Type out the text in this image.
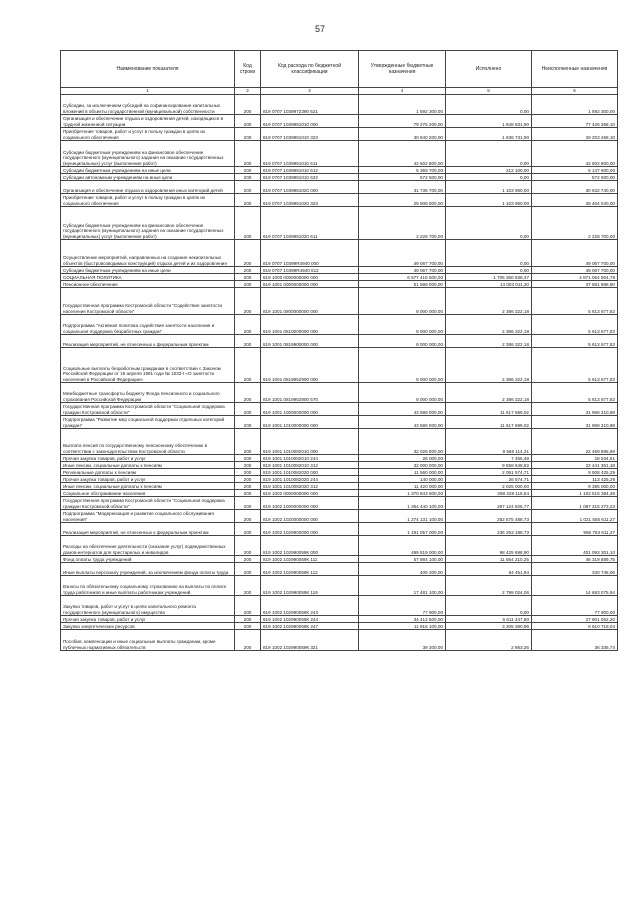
57
Наименование показателя	Код строки	Код расхода по бюджетной классификации	Утвержденные бюджетные назначения	Исполнено	Неисполненные назначения
1	2	3	4	5	6
Субсидии, за исключением субсидий на софинансирование капитальных вложений в объекты государственной (муниципальной) собственности	200	819 0707 1039972390 521	1 592 300,00	0,00	1 592 300,00
Организация и обеспечение отдыха и оздоровления детей, находящихся в трудной жизненной ситуации	200	819 0707 1039981010 000	79 275 200,00	1 848 831,90	77 426 368,10
Приобретение товаров, работ и услуг в пользу граждан в целях их социального обеспечения	200	819 0707 1039981010 323	30 840 200,00	1 636 731,90	29 203 468,10
Субсидии бюджетным учреждениям на финансовое обеспечение государственного (муниципального) задания на оказание государственных (муниципальных) услуг (выполнение работ)	200	819 0707 1039981010 611	42 502 800,00	0,00	42 502 800,00
Субсидии бюджетным учреждениям на иные цели	200	819 0707 1039981010 612	5 359 700,00	212 100,00	5 147 600,00
Субсидии автономным учреждениям на иные цели	200	819 0707 1039981010 622	572 500,00	0,00	572 500,00
Организация и обеспечение отдыха и оздоровления иных категорий детей	200	819 0707 1039981020 000	31 736 700,00	1 103 960,00	30 632 740,00
Приобретение товаров, работ и услуг в пользу граждан в целях их социального обеспечения	200	819 0707 1039981020 323	29 508 000,00	1 103 960,00	28 404 040,00
Субсидии бюджетным учреждениям на финансовое обеспечение государственного (муниципального) задания на оказание государственных (муниципальных) услуг (выполнение работ)	200	819 0707 1039981020 611	2 228 700,00	0,00	2 228 700,00
Осуществление мероприятий, направленных на создание некапитальных объектов (быстровозводимых конструкций) отдыха детей и их оздоровления	200	819 0707 10399R4940 000	49 067 700,00	0,00	49 067 700,00
Субсидии бюджетным учреждениям на иные цели	200	819 0707 10399R4940 612	49 067 700,00	0,00	49 067 700,00
СОЦИАЛЬНАЯ ПОЛИТИКА	200	819 1000 0000000000 000	6 577 415 500,00	1 705 360 538,37	4 871 054 504,78
Пенсионное обеспечение	200	819 1001 0000000000 000	51 586 000,00	14 004 011,20	37 581 988,80
Государственная программа Костромской области "Содействие занятости населения Костромской области"	200	819 1001 0800000000 000	8 000 000,00	2 386 322,18	5 613 677,82
Подпрограмма "Активная политика содействия занятости населения и социальная поддержка безработных граждан"	200	819 1001 0810000000 000	8 000 000,00	2 386 322,18	5 613 677,82
Реализация мероприятий, не отнесенных к федеральным проектам	200	819 1001 0819900000 000	8 000 000,00	2 386 322,18	5 613 677,82
Социальные выплаты безработным гражданам в соответствии с Законом Российской Федерации от 19 апреля 1991 года № 1032-I «О занятости населения в Российской Федерации»	200	819 1001 0819952900 000	8 000 000,00	2 386 322,18	5 613 677,82
Межбюджетные трансферты бюджету Фонда пенсионного и социального страхования Российской Федерации	200	819 1001 0819952900 570	8 000 000,00	2 386 322,18	5 613 677,82
Государственная программа Костромской области "Социальная поддержка граждан Костромской области"	200	819 1001 1000000000 000	43 586 000,00	11 617 689,02	31 968 310,98
Подпрограмма "Развитие мер социальной поддержки отдельных категорий граждан"	200	819 1001 1010000000 000	43 586 000,00	11 617 689,02	31 968 310,98
Выплата пенсий по государственному пенсионному обеспечению в соответствии с законодательством Костромской области	200	819 1001 1010082010 000	32 026 000,00	9 566 114,31	22 459 885,69
Прочая закупка товаров, работ и услуг	200	819 1001 1010082010 244	26 000,00	7 465,49	18 534,51
Иные пенсии, социальные доплаты к пенсиям	200	819 1001 1010082010 312	32 000 000,00	9 558 648,82	22 441 351,18
Региональные доплаты к пенсиям	200	819 1001 1010082020 000	11 560 000,00	2 051 574,71	9 508 425,29
Прочая закупка товаров, работ и услуг	200	819 1001 1010082020 244	140 000,00	26 574,71	113 425,29
Иные пенсии, социальные доплаты к пенсиям	200	819 1001 1010082020 312	11 420 000,00	2 025 000,00	9 395 000,00
Социальное обслуживание населения	200	819 1002 0000000000 000	1 370 843 500,00	268 228 115,64	1 102 615 384,36
Государственная программа Костромской области "Социальная поддержка граждан Костромской области"	200	819 1002 1000000000 000	1 354 440 100,00	267 124 826,77	1 087 315 273,23
Подпрограмма "Модернизация и развитие социального обслуживания населения"	200	819 1002 1020000000 000	1 274 131 100,00	252 575 488,73	1 021 555 611,27
Реализация мероприятий, не отнесенных к федеральным проектам	200	819 1002 1029900000 000	1 191 057 000,00	235 293 188,73	955 763 811,27
Расходы на обеспечение деятельности (оказание услуг) подведомственных домов-интернатов для престарелых и инвалидов	200	819 1002 102990059К 000	499 519 000,00	98 425 698,90	401 093 301,10
Фонд оплаты труда учреждений	200	819 1002 102990059К 111	57 884 100,00	11 564 210,25	46 319 889,75
Иные выплаты персоналу учреждений, за исключением фонда оплаты труда	200	819 1002 102990059К 112	405 200,00	64 451,94	340 748,06
Взносы по обязательному социальному страхованию на выплаты по оплате труда работников и иные выплаты работникам учреждений	200	819 1002 102990059К 119	17 481 100,00	2 798 024,06	14 683 075,94
Закупка товаров, работ и услуг в целях капитального ремонта государственного (муниципального) имущества	200	819 1002 102990059К 243	77 900,00	0,00	77 900,00
Прочая закупка товаров, работ и услуг	200	819 1002 102990059К 244	34 412 500,00	6 611 447,80	27 801 052,20
Закупка энергетических ресурсов	200	819 1002 102990059К 247	11 916 100,00	3 305 380,96	8 610 719,04
Пособия, компенсации и иные социальные выплаты гражданам, кроме публичных нормативных обязательств	200	819 1002 102990059К 321	39 200,00	2 863,26	36 336,74
